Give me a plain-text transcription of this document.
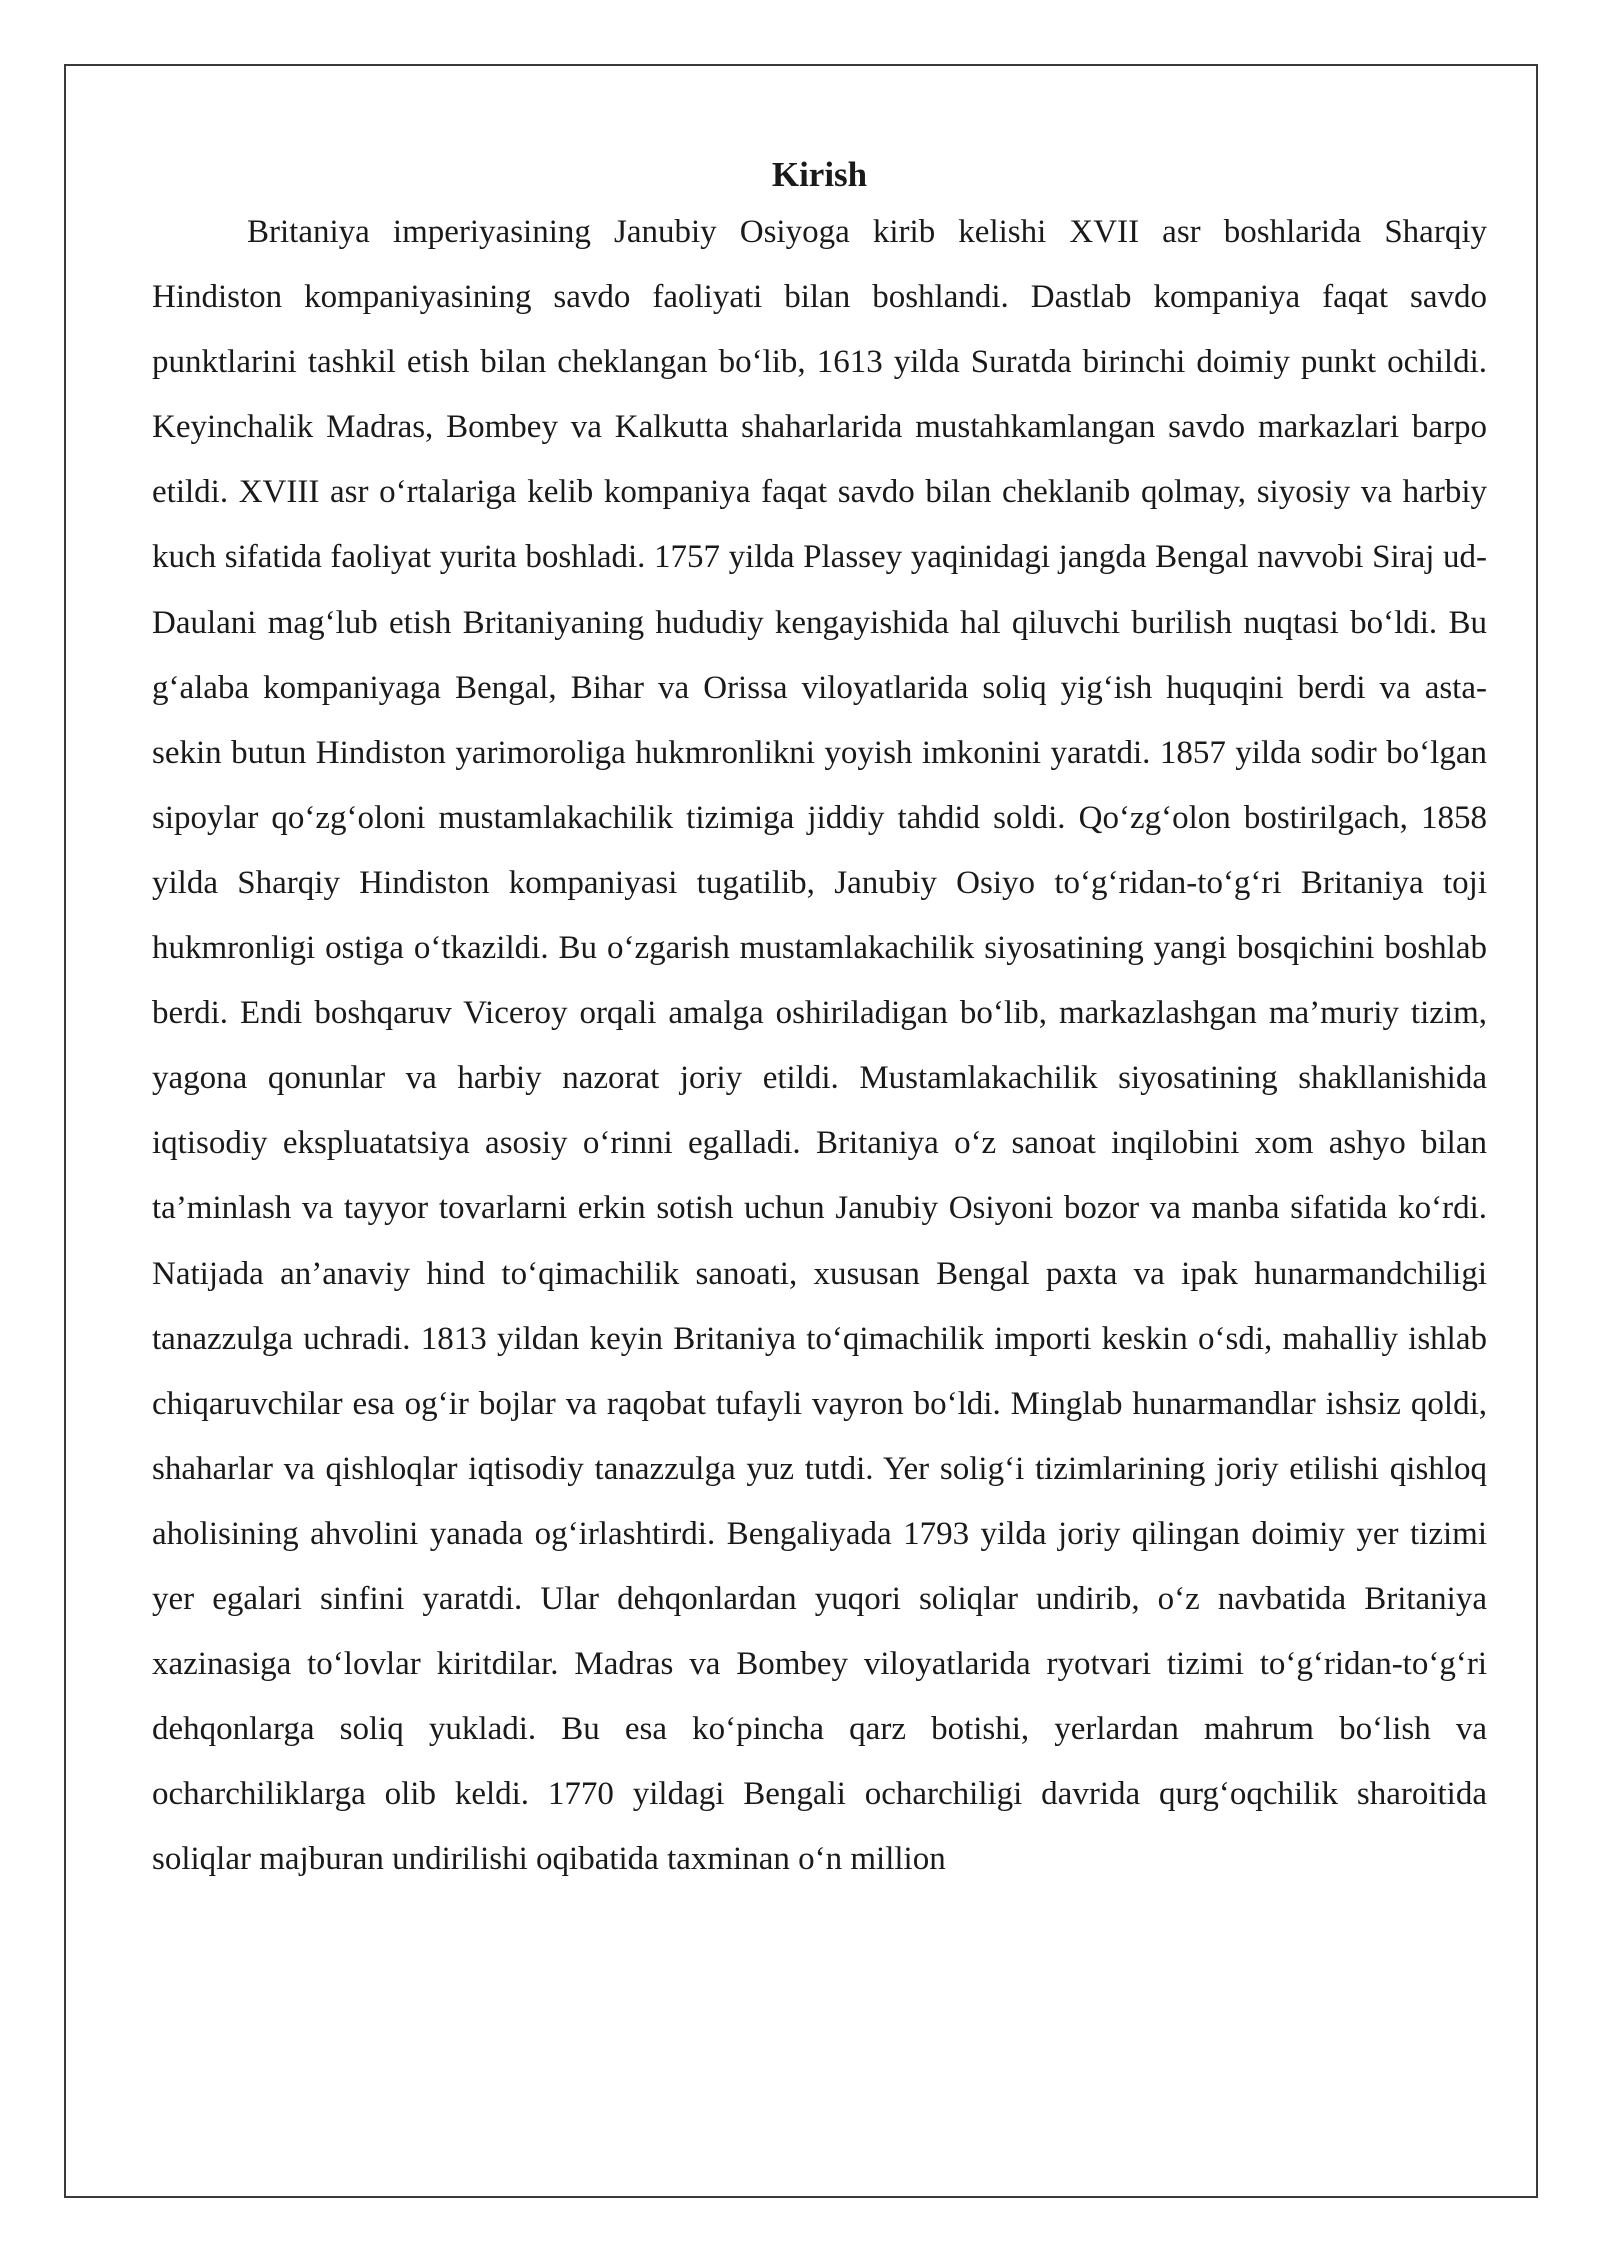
Kirish

Britaniya imperiyasining Janubiy Osiyoga kirib kelishi XVII asr boshlarida Sharqiy Hindiston kompaniyasining savdo faoliyati bilan boshlandi. Dastlab kompaniya faqat savdo punktlarini tashkil etish bilan cheklangan bo‘lib, 1613 yilda Suratda birinchi doimiy punkt ochildi. Keyinchalik Madras, Bombey va Kalkutta shaharlarida mustahkamlangan savdo markazlari barpo etildi. XVIII asr o‘rtalariga kelib kompaniya faqat savdo bilan cheklanib qolmay, siyosiy va harbiy kuch sifatida faoliyat yurita boshladi. 1757 yilda Plassey yaqinidagi jangda Bengal navvobi Siraj ud-Daulani mag‘lub etish Britaniyaning hududiy kengayishida hal qiluvchi burilish nuqtasi bo‘ldi. Bu g‘alaba kompaniyaga Bengal, Bihar va Orissa viloyatlarida soliq yig‘ish huquqini berdi va asta-sekin butun Hindiston yarimoroliga hukmronlikni yoyish imkonini yaratdi. 1857 yilda sodir bo‘lgan sipoylar qo‘zg‘oloni mustamlakachilik tizimiga jiddiy tahdid soldi. Qo‘zg‘olon bostirilgach, 1858 yilda Sharqiy Hindiston kompaniyasi tugatilib, Janubiy Osiyo to‘g‘ridan-to‘g‘ri Britaniya toji hukmronligi ostiga o‘tkazildi. Bu o‘zgarish mustamlakachilik siyosatining yangi bosqichini boshlab berdi. Endi boshqaruv Viceroy orqali amalga oshiriladigan bo‘lib, markazlashgan ma’muriy tizim, yagona qonunlar va harbiy nazorat joriy etildi. Mustamlakachilik siyosatining shakllanishida iqtisodiy ekspluatatsiya asosiy o‘rinni egalladi. Britaniya o‘z sanoat inqilobini xom ashyo bilan ta’minlash va tayyor tovarlarni erkin sotish uchun Janubiy Osiyoni bozor va manba sifatida ko‘rdi. Natijada an’anaviy hind to‘qimachilik sanoati, xususan Bengal paxta va ipak hunarmandchiligi tanazzulga uchradi. 1813 yildan keyin Britaniya to‘qimachilik importi keskin o‘sdi, mahalliy ishlab chiqaruvchilar esa og‘ir bojlar va raqobat tufayli vayron bo‘ldi. Minglab hunarmandlar ishsiz qoldi, shaharlar va qishloqlar iqtisodiy tanazzulga yuz tutdi. Yer solig‘i tizimlarining joriy etilishi qishloq aholisining ahvolini yanada og‘irlashtirdi. Bengaliyada 1793 yilda joriy qilingan doimiy yer tizimi yer egalari sinfini yaratdi. Ular dehqonlardan yuqori soliqlar undirib, o‘z navbatida Britaniya xazinasiga to‘lovlar kiritdilar. Madras va Bombey viloyatlarida ryotvari tizimi to‘g‘ridan-to‘g‘ri dehqonlarga soliq yukladi. Bu esa ko‘pincha qarz botishi, yerlardan mahrum bo‘lish va ocharchiliklarga olib keldi. 1770 yildagi Bengali ocharchiligi davrida qurg‘oqchilik sharoitida soliqlar majburan undirilishi oqibatida taxminan o‘n million
